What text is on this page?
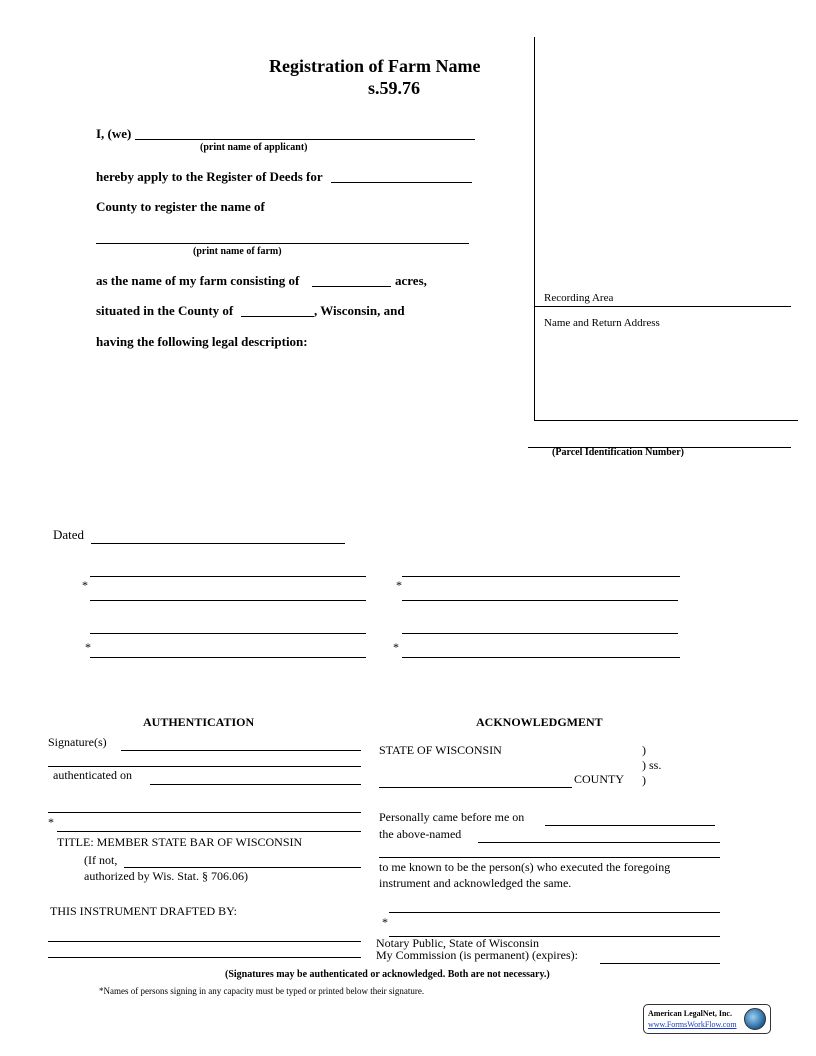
Registration of Farm Name
s.59.76
I, (we)
(print name of applicant)
hereby apply to the Register of Deeds for
County to register the name of
(print name of farm)
as the name of my farm consisting of	acres,
situated in the County of	, Wisconsin, and
having the following legal description:
Recording Area
Name and Return Address
(Parcel Identification Number)
Dated
*	*
*	*
AUTHENTICATION
Signature(s)
authenticated on
*
TITLE: MEMBER STATE BAR OF WISCONSIN
(If not,
authorized by Wis. Stat. § 706.06)
THIS INSTRUMENT DRAFTED BY:
ACKNOWLEDGMENT
STATE OF WISCONSIN	)
) ss.
)
COUNTY
Personally came before me on
the above-named
to me known to be the person(s) who executed the foregoing
instrument and acknowledged the same.
*
Notary Public, State of Wisconsin
My Commission (is permanent) (expires):
(Signatures may be authenticated or acknowledged. Both are not necessary.)
*Names of persons signing in any capacity must be typed or printed below their signature.
American LegalNet, Inc.
www.FormsWorkFlow.com
